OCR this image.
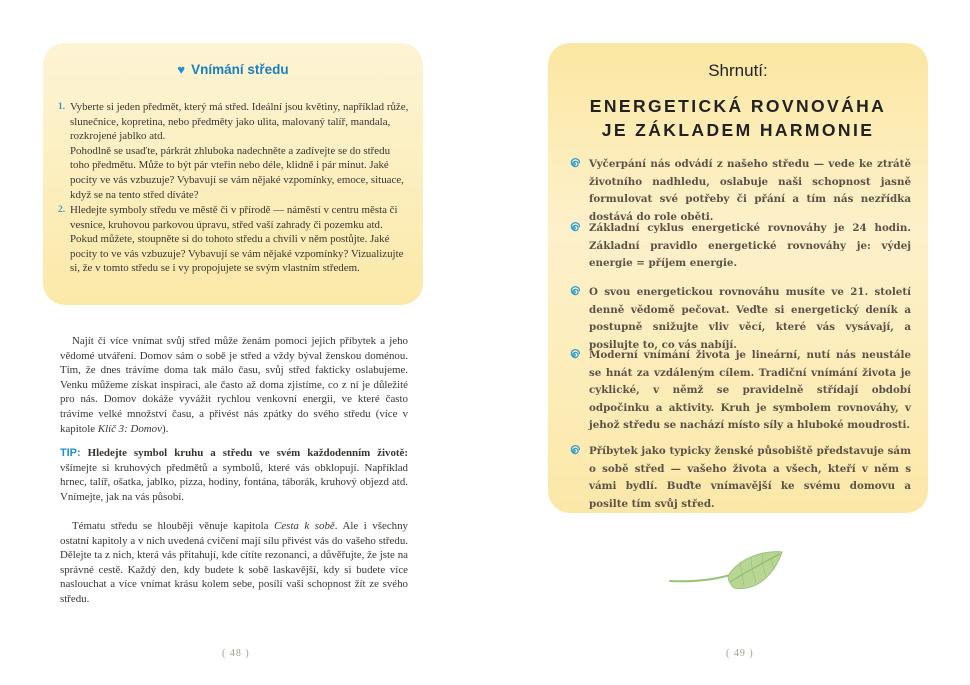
♥ Vnímání středu
1. Vyberte si jeden předmět, který má střed. Ideální jsou květiny, například růže, slunečnice, kopretina, nebo předměty jako ulita, malovaný talíř, mandala, rozkrojené jablko atd.

Pohodlně se usaďte, párkrát zhluboka nadechněte a zadívejte se do středu toho předmětu. Může to být pár vteřin nebo déle, klidně i pár minut. Jaké pocity ve vás vzbuzuje? Vybavují se vám nějaké vzpomínky, emoce, situace, když se na tento střed díváte?

2. Hledejte symboly středu ve městě či v přírodě — náměstí v centru města či vesnice, kruhovou parkovou úpravu, střed vaší zahrady či pozemku atd. Pokud můžete, stoupněte si do tohoto středu a chvíli v něm postůjte. Jaké pocity to ve vás vzbuzuje? Vybavují se vám nějaké vzpomínky? Vizualizujte si, že v tomto středu se i vy propojujete se svým vlastním středem.

Najít či více vnímat svůj střed může ženám pomoci jejich příbytek a jeho vědomé utváření. Domov sám o sobě je střed a vždy býval ženskou doménou. Tím, že dnes trávíme doma tak málo času, svůj střed fakticky oslabujeme. Venku můžeme získat inspiraci, ale často až doma zjistíme, co z ní je důležité pro nás. Domov dokáže vyvážit rychlou venkovní energii, ve které často trávíme velké množství času, a přivést nás zpátky do svého středu (více v kapitole Klíč 3: Domov).

TIP: Hledejte symbol kruhu a středu ve svém každodenním životě: všímejte si kruhových předmětů a symbolů, které vás obklopují. Například hrnec, talíř, ošatka, jablko, pizza, hodiny, fontána, táborák, kruhový objezd atd. Vnímejte, jak na vás působí.

Tématu středu se hlouběji věnuje kapitola Cesta k sobě. Ale i všechny ostatní kapitoly a v nich uvedená cvičení mají sílu přivést vás do vašeho středu. Dělejte ta z nich, která vás přitahují, kde cítíte rezonanci, a důvěřujte, že jste na správné cestě. Každý den, kdy budete k sobě laskavější, kdy si budete více naslouchat a více vnímat krásu kolem sebe, posílí vaši schopnost žít ze svého středu.

( 48 )
Shrnutí:
ENERGETICKÁ ROVNOVÁHA
JE ZÁKLADEM HARMONIE
Vyčerpání nás odvádí z našeho středu — vede ke ztrátě životního nadhledu, oslabuje naši schopnost jasně formulovat své potřeby či přání a tím nás nezřídka dostává do role oběti.
Základní cyklus energetické rovnováhy je 24 hodin. Základní pravidlo energetické rovnováhy je: výdej energie = příjem energie.
O svou energetickou rovnováhu musíte ve 21. století denně vědomě pečovat. Veďte si energetický deník a postupně snižujte vliv věcí, které vás vysávají, a posilujte to, co vás nabíjí.
Moderní vnímání života je lineární, nutí nás neustále se hnát za vzdáleným cílem. Tradiční vnímání života je cyklické, v němž se pravidelně střídají období odpočinku a aktivity. Kruh je symbolem rovnováhy, v jehož středu se nachází místo síly a hluboké moudrosti.
Příbytek jako typicky ženské působiště představuje sám o sobě střed — vašeho života a všech, kteří v něm s vámi bydlí. Buďte vnímavější ke svému domovu a posilte tím svůj střed.
( 49 )
